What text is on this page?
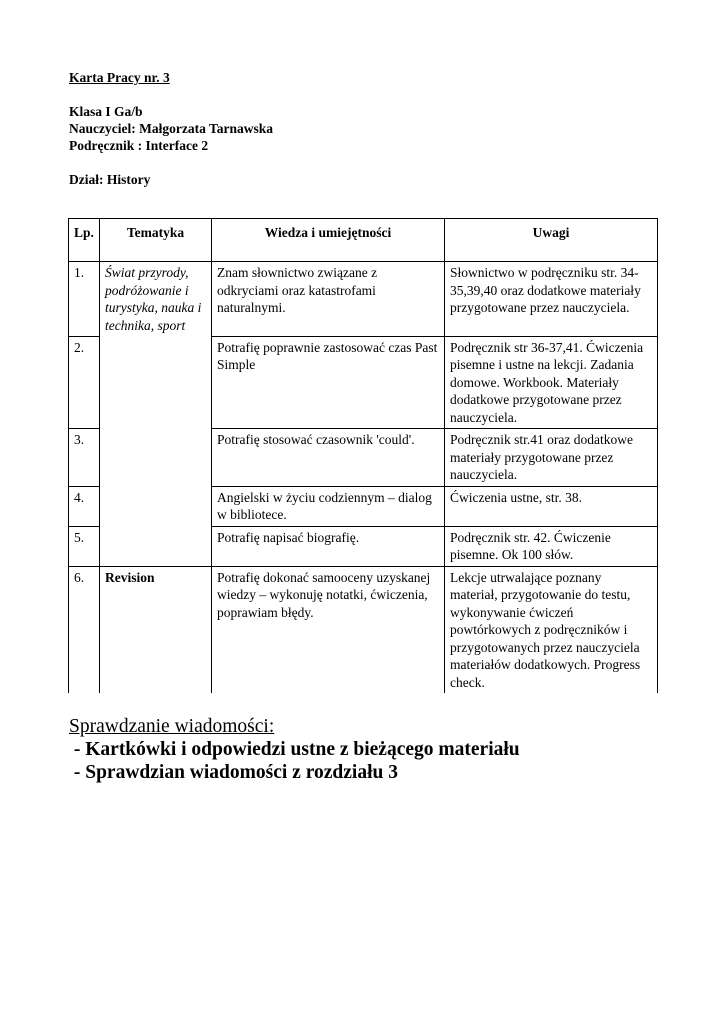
Karta Pracy nr. 3
Klasa I Ga/b
Nauczyciel: Małgorzata Tarnawska
Podręcznik : Interface 2
Dział: History
Lp.	Tematyka	Wiedza i umiejętności	Uwagi
1.	Świat przyrody, podróżowanie i turystyka, nauka i technika, sport	Znam słownictwo związane z odkryciami oraz katastrofami naturalnymi.	Słownictwo w podręczniku str. 34-35,39,40 oraz dodatkowe materiały przygotowane przez nauczyciela.
2.		Potrafię poprawnie zastosować czas Past Simple	Podręcznik str 36-37,41. Ćwiczenia pisemne i ustne na lekcji. Zadania domowe. Workbook. Materiały dodatkowe przygotowane przez nauczyciela.
3.		Potrafię stosować czasownik 'could'.	Podręcznik str.41 oraz dodatkowe materiały przygotowane przez nauczyciela.
4.		Angielski w życiu codziennym – dialog w bibliotece.	Ćwiczenia ustne, str. 38.
5.		Potrafię napisać biografię.	Podręcznik str. 42. Ćwiczenie pisemne. Ok 100 słów.
6.	Revision	Potrafię dokonać samooceny uzyskanej wiedzy – wykonuję notatki, ćwiczenia, poprawiam błędy.	Lekcje utrwalające poznany materiał, przygotowanie do testu, wykonywanie ćwiczeń powtórkowych z podręczników i przygotowanych przez nauczyciela materiałów dodatkowych. Progress check.
Sprawdzanie wiadomości:
- Kartkówki i odpowiedzi ustne z bieżącego materiału
- Sprawdzian wiadomości z rozdziału 3
